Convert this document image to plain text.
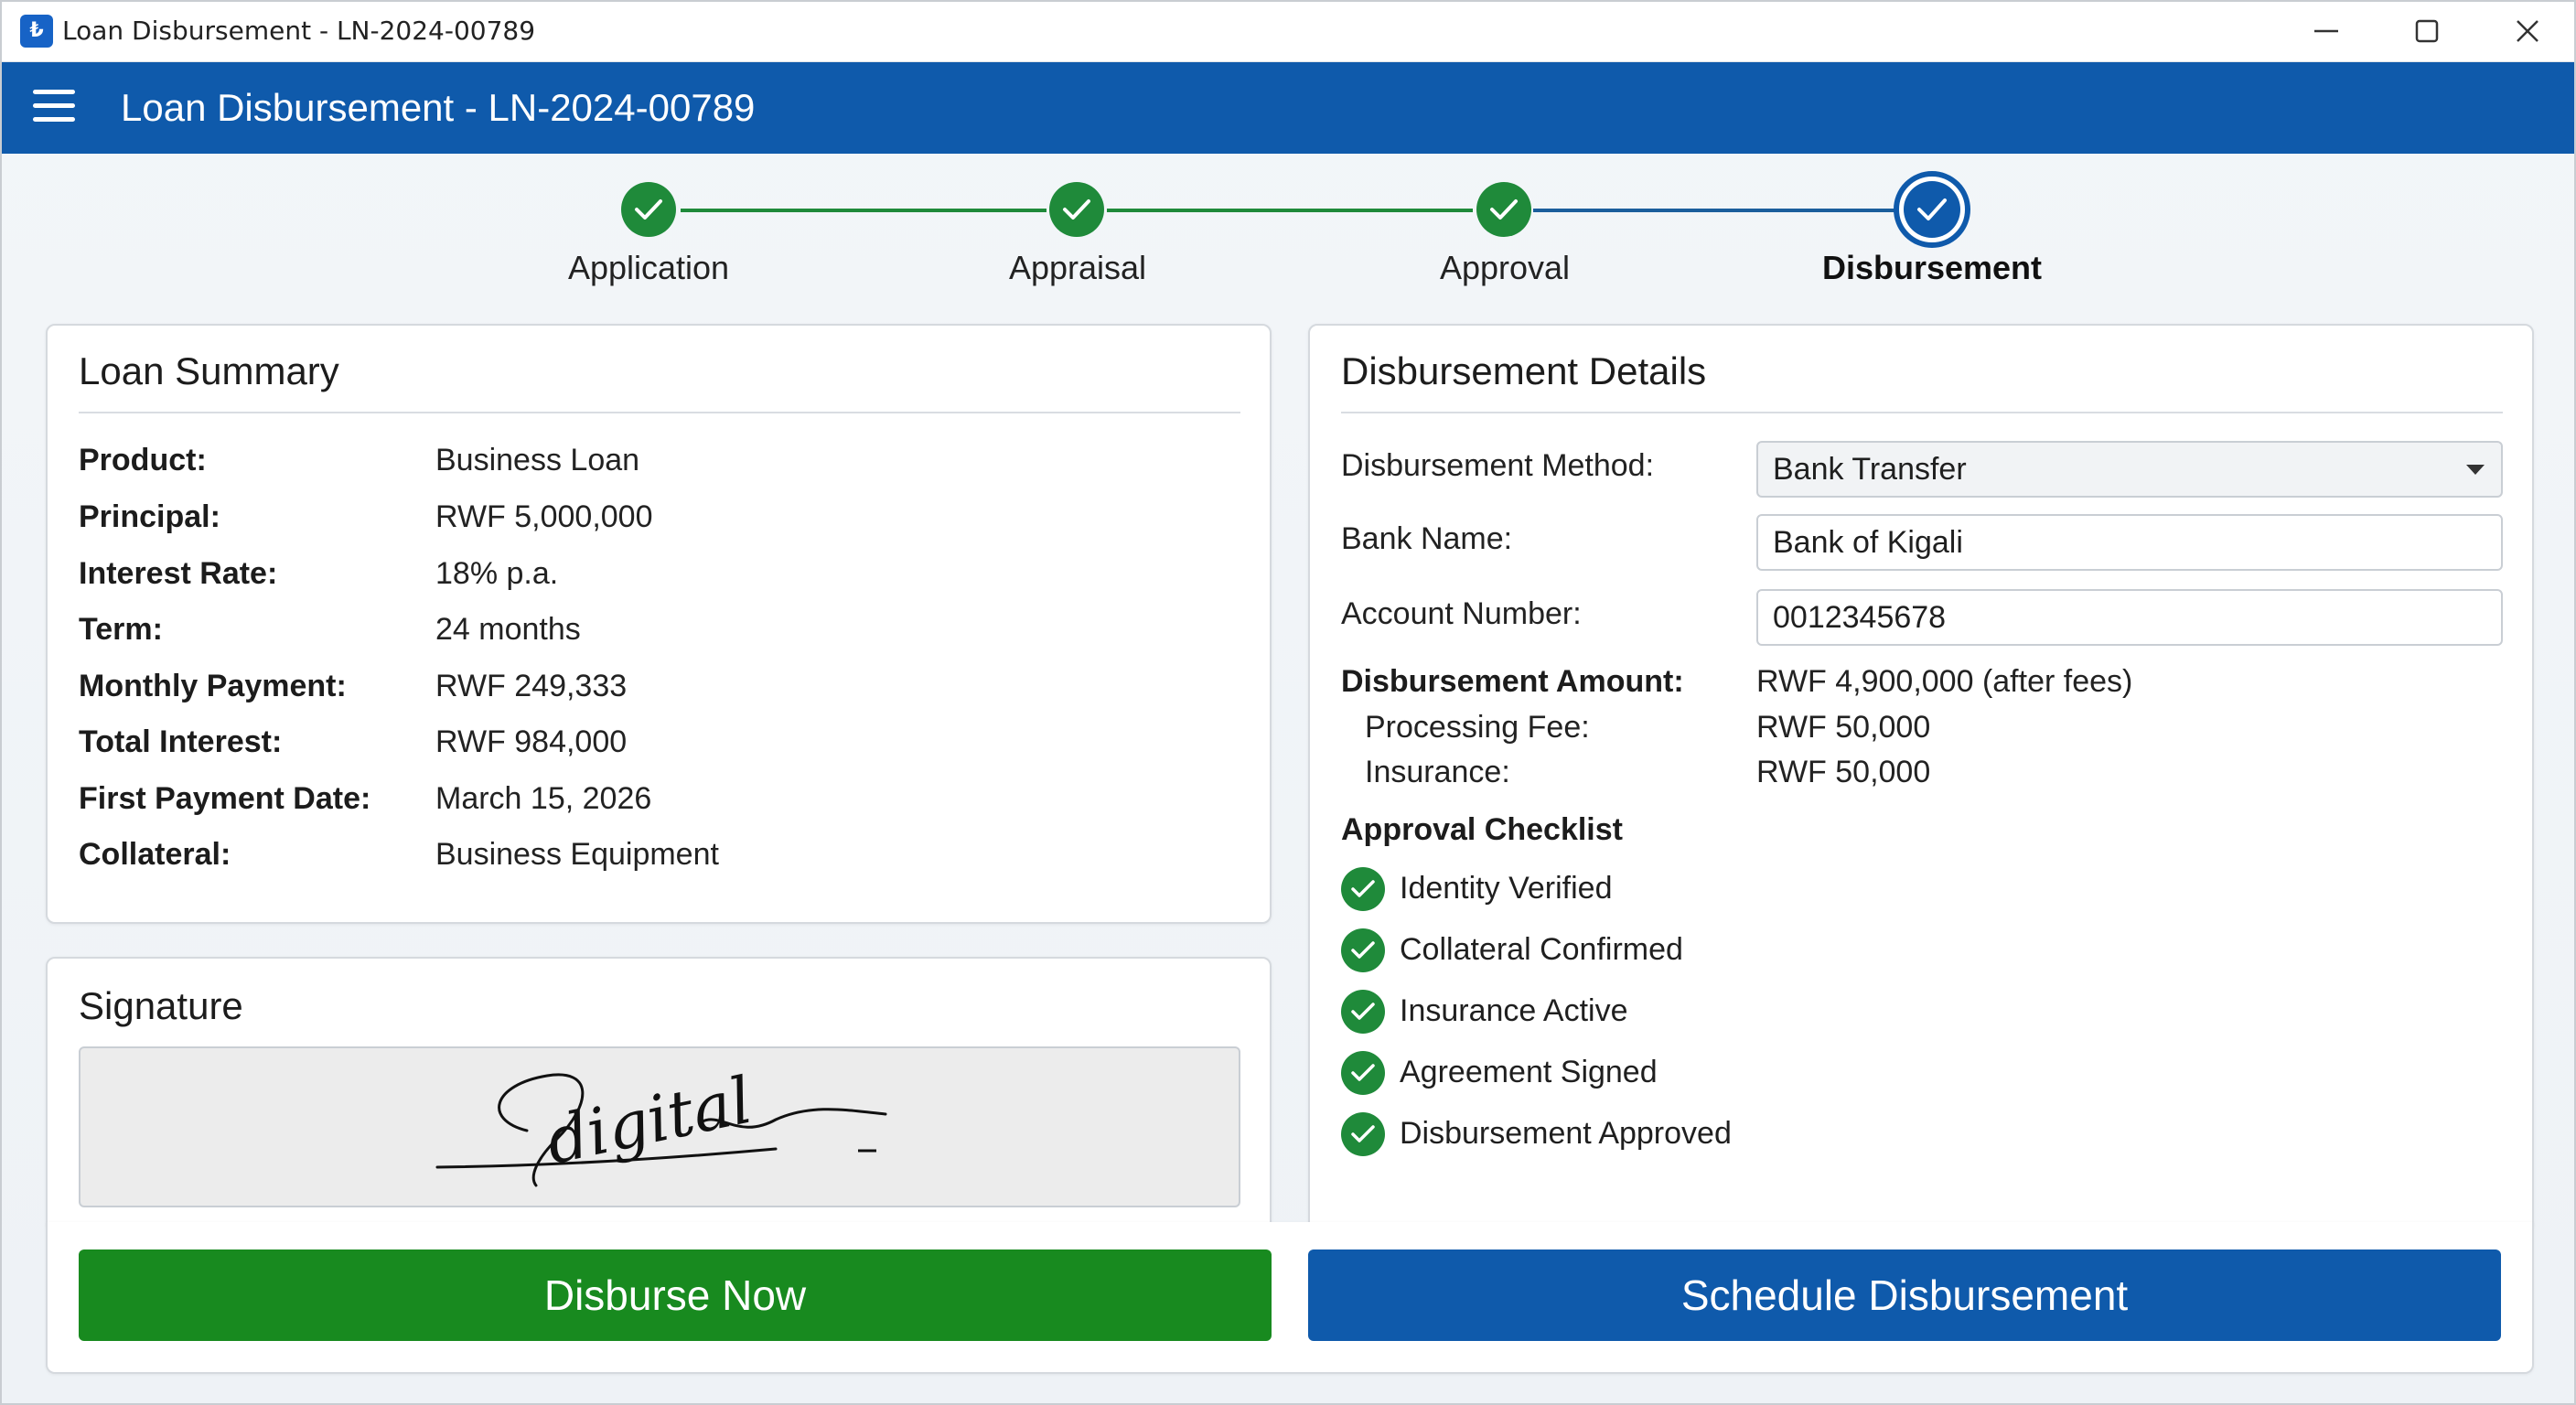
₺ Loan Disbursement - LN-2024-00789
Loan Disbursement - LN-2024-00789
Application	Appraisal	Approval	Disbursement
Loan Summary
Product:	Business Loan
Principal:	RWF 5,000,000
Interest Rate:	18% p.a.
Term:	24 months
Monthly Payment:	RWF 249,333
Total Interest:	RWF 984,000
First Payment Date: March 15, 2026
Collateral:	Business Equipment
Signature
digital
Disbursement Details
Disbursement Method:	Bank Transfer
Bank Name:	Bank of Kigali
Account Number:	0012345678
Disbursement Amount: RWF 4,900,000 (after fees)
Processing Fee:	RWF 50,000
Insurance:	RWF 50,000
Approval Checklist
Identity Verified
Collateral Confirmed
Insurance Active
Agreement Signed
Disbursement Approved
Disburse Now	Schedule Disbursement
